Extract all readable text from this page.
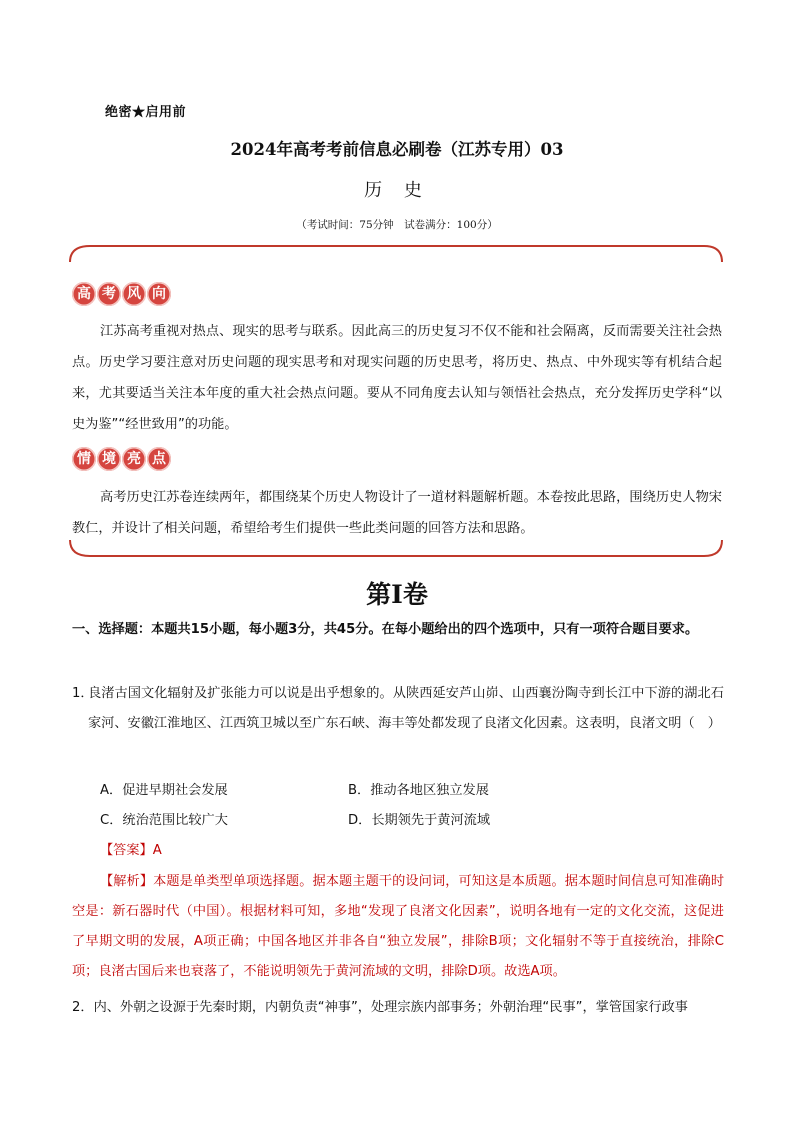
绝密★启用前
2024年高考考前信息必刷卷（江苏专用）03
历 史
（考试时间：75分钟　试卷满分：100分）
高 考 风 向
江苏高考重视对热点、现实的思考与联系。因此高三的历史复习不仅不能和社会隔离，反而需要关注社会热点。历史学习要注意对历史问题的现实思考和对现实问题的历史思考，将历史、热点、中外现实等有机结合起来，尤其要适当关注本年度的重大社会热点问题。要从不同角度去认知与领悟社会热点，充分发挥历史学科“以史为鉴”“经世致用”的功能。
情 境 亮 点
高考历史江苏卷连续两年，都围绕某个历史人物设计了一道材料题解析题。本卷按此思路，围绕历史人物宋教仁，并设计了相关问题，希望给考生们提供一些此类问题的回答方法和思路。
第Ⅰ卷
一、选择题：本题共15小题，每小题3分，共45分。在每小题给出的四个选项中，只有一项符合题目要求。
1．
良渚古国文化辐射及扩张能力可以说是出乎想象的。从陕西延安芦山峁、山西襄汾陶寺到长江中下游的湖北石家河、安徽江淮地区、江西筑卫城以至广东石峡、海丰等处都发现了良渚文化因素。这表明，良渚文明（　）
A．促进早期社会发展	B．推动各地区独立发展
C．统治范围比较广大	D．长期领先于黄河流域
【答案】A
【解析】本题是单类型单项选择题。据本题主题干的设问词，可知这是本质题。据本题时间信息可知准确时空是：新石器时代（中国）。根据材料可知，多地“发现了良渚文化因素”，说明各地有一定的文化交流，这促进了早期文明的发展，A项正确；中国各地区并非各自“独立发展”，排除B项；文化辐射不等于直接统治，排除C项；良渚古国后来也衰落了，不能说明领先于黄河流域的文明，排除D项。故选A项。
2．内、外朝之设源于先秦时期，内朝负责“神事”，处理宗族内部事务；外朝治理“民事”，掌管国家行政事
